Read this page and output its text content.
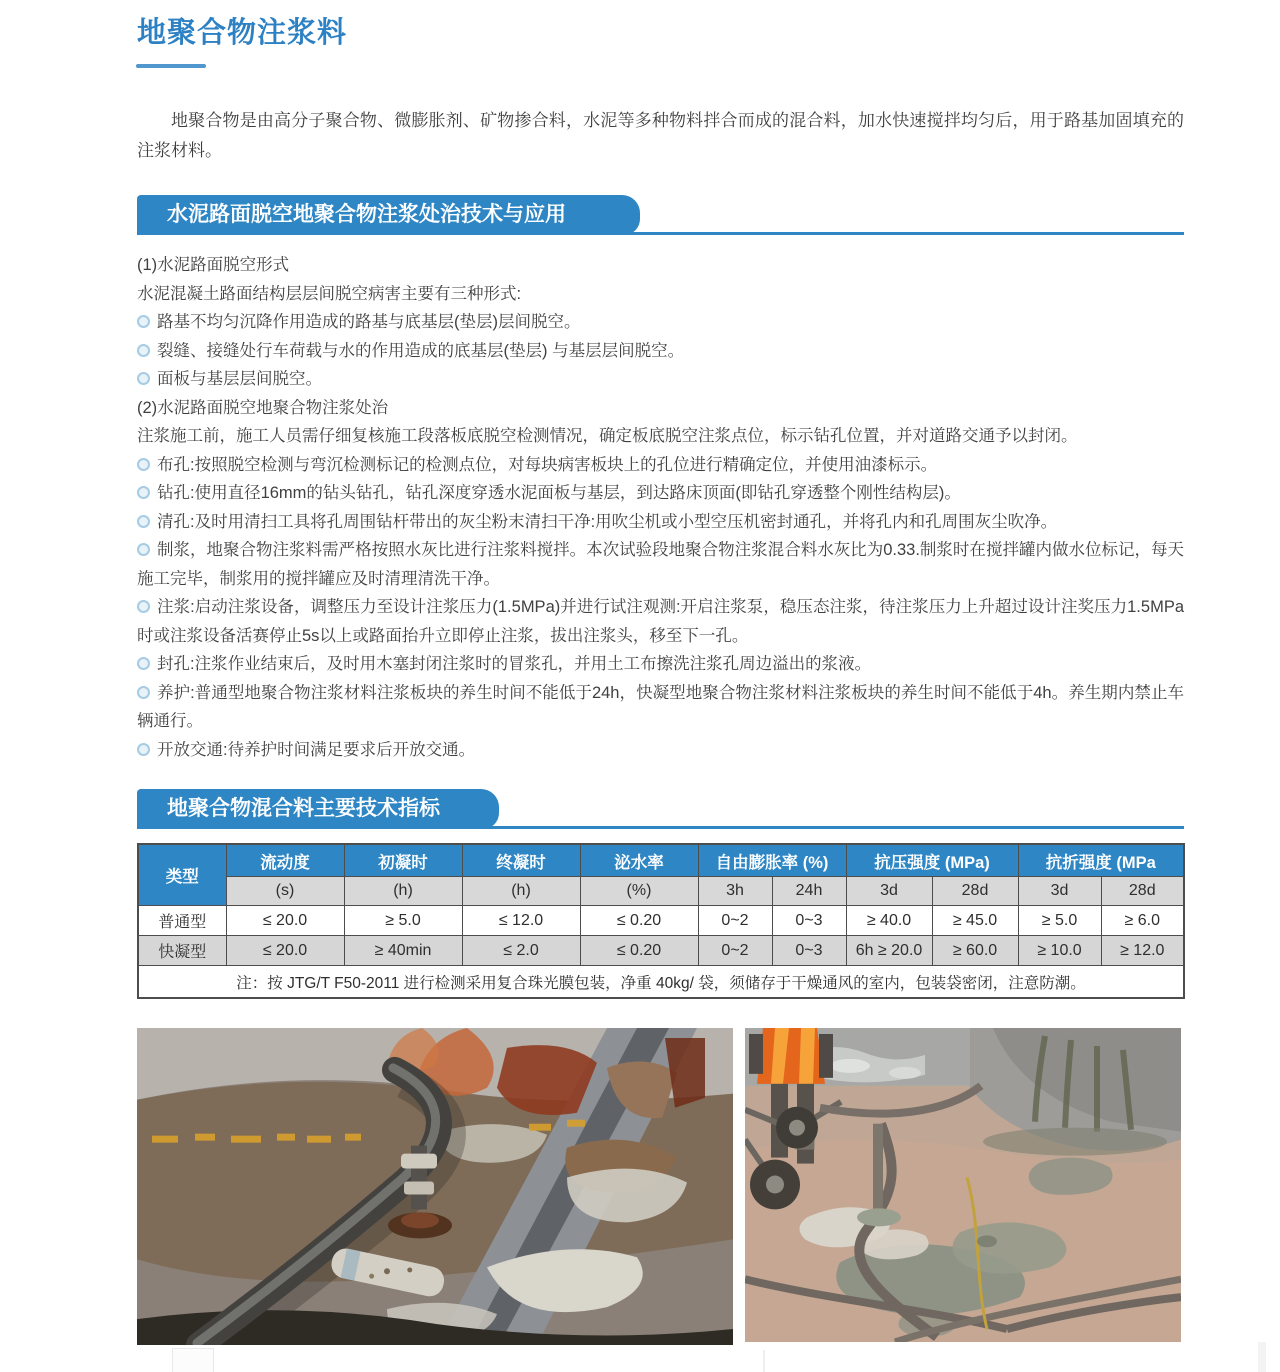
地聚合物注浆料
地聚合物是由高分子聚合物、微膨胀剂、矿物掺合料，水泥等多种物料拌合而成的混合料，加水快速搅拌均匀后，用于路基加固填充的注浆材料。
水泥路面脱空地聚合物注浆处治技术与应用
(1)水泥路面脱空形式
水泥混凝土路面结构层层间脱空病害主要有三种形式:
路基不均匀沉降作用造成的路基与底基层(垫层)层间脱空。
裂缝、接缝处行车荷载与水的作用造成的底基层(垫层) 与基层层间脱空。
面板与基层层间脱空。
(2)水泥路面脱空地聚合物注浆处治
注浆施工前，施工人员需仔细复核施工段落板底脱空检测情况，确定板底脱空注浆点位，标示钻孔位置，并对道路交通予以封闭。
布孔:按照脱空检测与弯沉检测标记的检测点位，对每块病害板块上的孔位进行精确定位，并使用油漆标示。
钻孔:使用直径16mm的钻头钻孔，钻孔深度穿透水泥面板与基层，到达路床顶面(即钻孔穿透整个刚性结构层)。
清孔:及时用清扫工具将孔周围钻杆带出的灰尘粉末清扫干净:用吹尘机或小型空压机密封通孔，并将孔内和孔周围灰尘吹净。
制浆，地聚合物注浆料需严格按照水灰比进行注浆料搅拌。本次试验段地聚合物注浆混合料水灰比为0.33.制浆时在搅拌罐内做水位标记，每天施工完毕，制浆用的搅拌罐应及时清理清洗干净。
注浆:启动注浆设备，调整压力至设计注浆压力(1.5MPa)并进行试注观测:开启注浆泵，稳压态注浆，待注浆压力上升超过设计注奖压力1.5MPa时或注浆设备活赛停止5s以上或路面抬升立即停止注浆，拔出注浆头，移至下一孔。
封孔:注浆作业结束后，及时用木塞封闭注浆时的冒浆孔，并用土工布擦洗注浆孔周边溢出的浆液。
养护:普通型地聚合物注浆材料注浆板块的养生时间不能低于24h，快凝型地聚合物注浆材料注浆板块的养生时间不能低于4h。养生期内禁止车辆通行。
开放交通:待养护时间满足要求后开放交通。
地聚合物混合料主要技术指标
类型	流动度	初凝时	终凝时	泌水率	自由膨胀率 (%)		抗压强度 (MPa)		抗折强度 (MPa	
	(s)	(h)	(h)	(%)	3h	24h	3d	28d	3d	28d
普通型	≤ 20.0	≥ 5.0	≤ 12.0	≤ 0.20	0~2	0~3	≥ 40.0	≥ 45.0	≥ 5.0	≥ 6.0
快凝型	≤ 20.0	≥ 40min	≤ 2.0	≤ 0.20	0~2	0~3	6h ≥ 20.0	≥ 60.0	≥ 10.0	≥ 12.0
注：按 JTG/T F50-2011 进行检测采用复合珠光膜包装，净重 40kg/ 袋，须储存于干燥通风的室内，包装袋密闭，注意防潮。										
